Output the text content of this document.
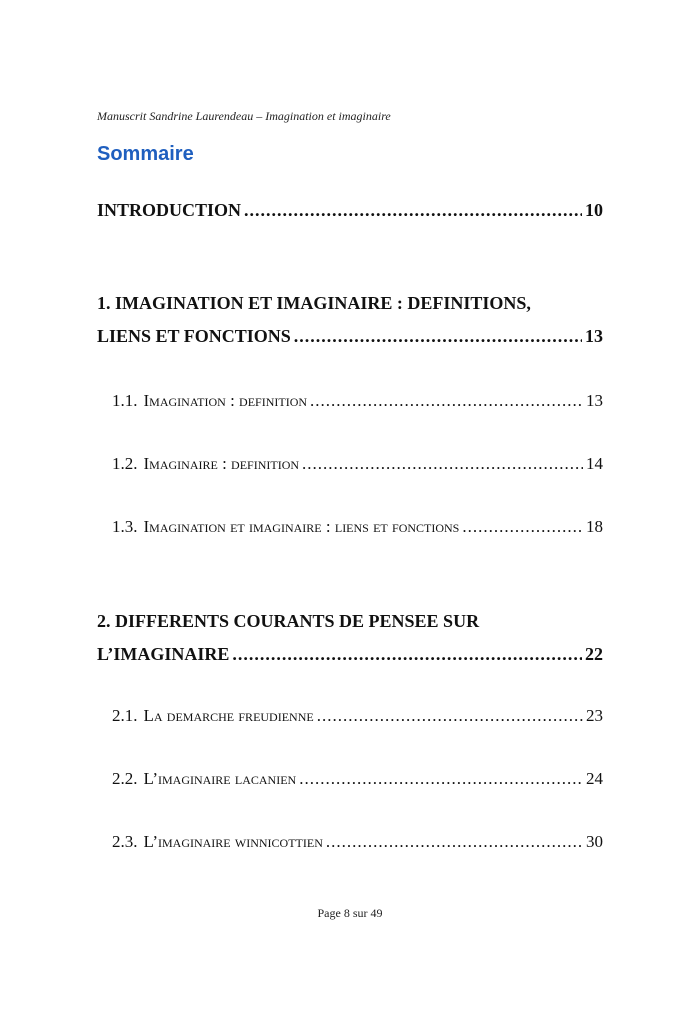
Manuscrit Sandrine Laurendeau – Imagination et imaginaire
Sommaire
INTRODUCTION .....	10
1. IMAGINATION ET IMAGINAIRE : DEFINITIONS,
LIENS ET FONCTIONS .....	13
1.1. Imagination : definition .....	13
1.2. Imaginaire : definition .....	14
1.3. Imagination et imaginaire : liens et fonctions .....	18
2. DIFFERENTS COURANTS DE PENSEE SUR
L’IMAGINAIRE .....	22
2.1. La demarche freudienne .....	23
2.2. L’imaginaire lacanien .....	24
2.3. L’imaginaire winnicottien .....	30
Page 8 sur 49
